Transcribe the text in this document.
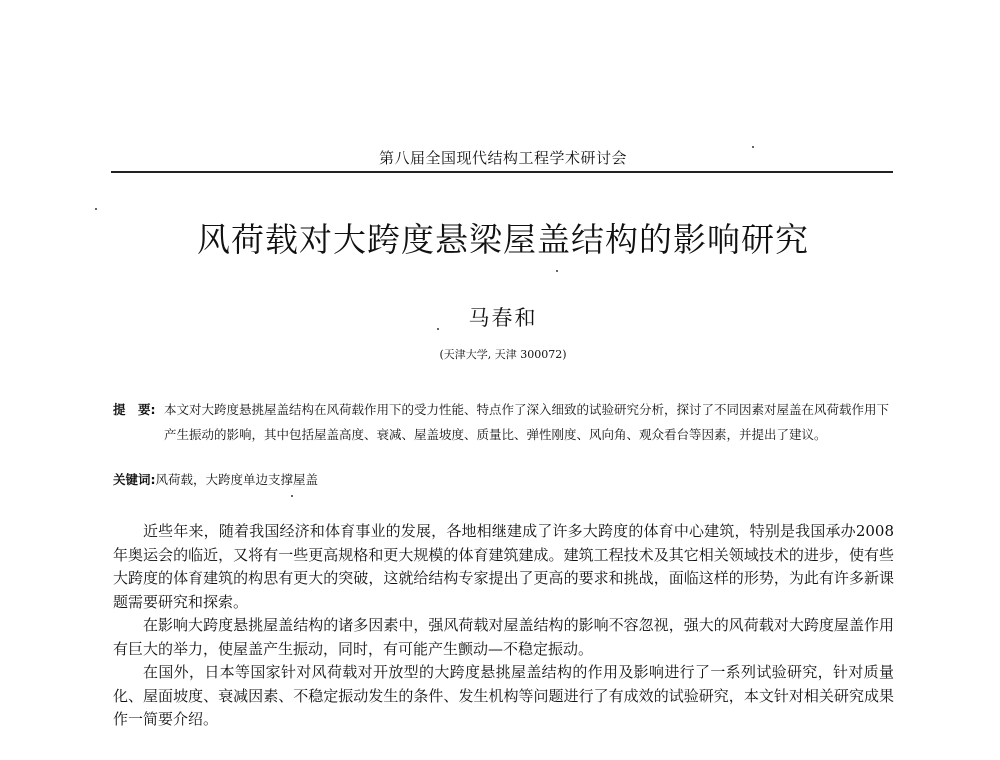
第八届全国现代结构工程学术研讨会
风荷载对大跨度悬梁屋盖结构的影响研究
马春和
(天津大学, 天津 300072)
提　要: 本文对大跨度悬挑屋盖结构在风荷载作用下的受力性能、特点作了深入细致的试验研究分析，探讨了不同因素对屋盖在风荷载作用下产生振动的影响，其中包括屋盖高度、衰减、屋盖坡度、质量比、弹性刚度、风向角、观众看台等因素，并提出了建议。
关键词:风荷载，大跨度单边支撑屋盖

近些年来，随着我国经济和体育事业的发展，各地相继建成了许多大跨度的体育中心建筑，特别是我国承办2008 年奥运会的临近，又将有一些更高规格和更大规模的体育建筑建成。建筑工程技术及其它相关领域技术的进步，使有些大跨度的体育建筑的构思有更大的突破，这就给结构专家提出了更高的要求和挑战，面临这样的形势，为此有许多新课题需要研究和探索。

在影响大跨度悬挑屋盖结构的诸多因素中，强风荷载对屋盖结构的影响不容忽视，强大的风荷载对大跨度屋盖作用有巨大的举力，使屋盖产生振动，同时，有可能产生颤动—不稳定振动。

在国外，日本等国家针对风荷载对开放型的大跨度悬挑屋盖结构的作用及影响进行了一系列试验研究，针对质量化、屋面坡度、衰减因素、不稳定振动发生的条件、发生机构等问题进行了有成效的试验研究，本文针对相关研究成果作一简要介绍。
